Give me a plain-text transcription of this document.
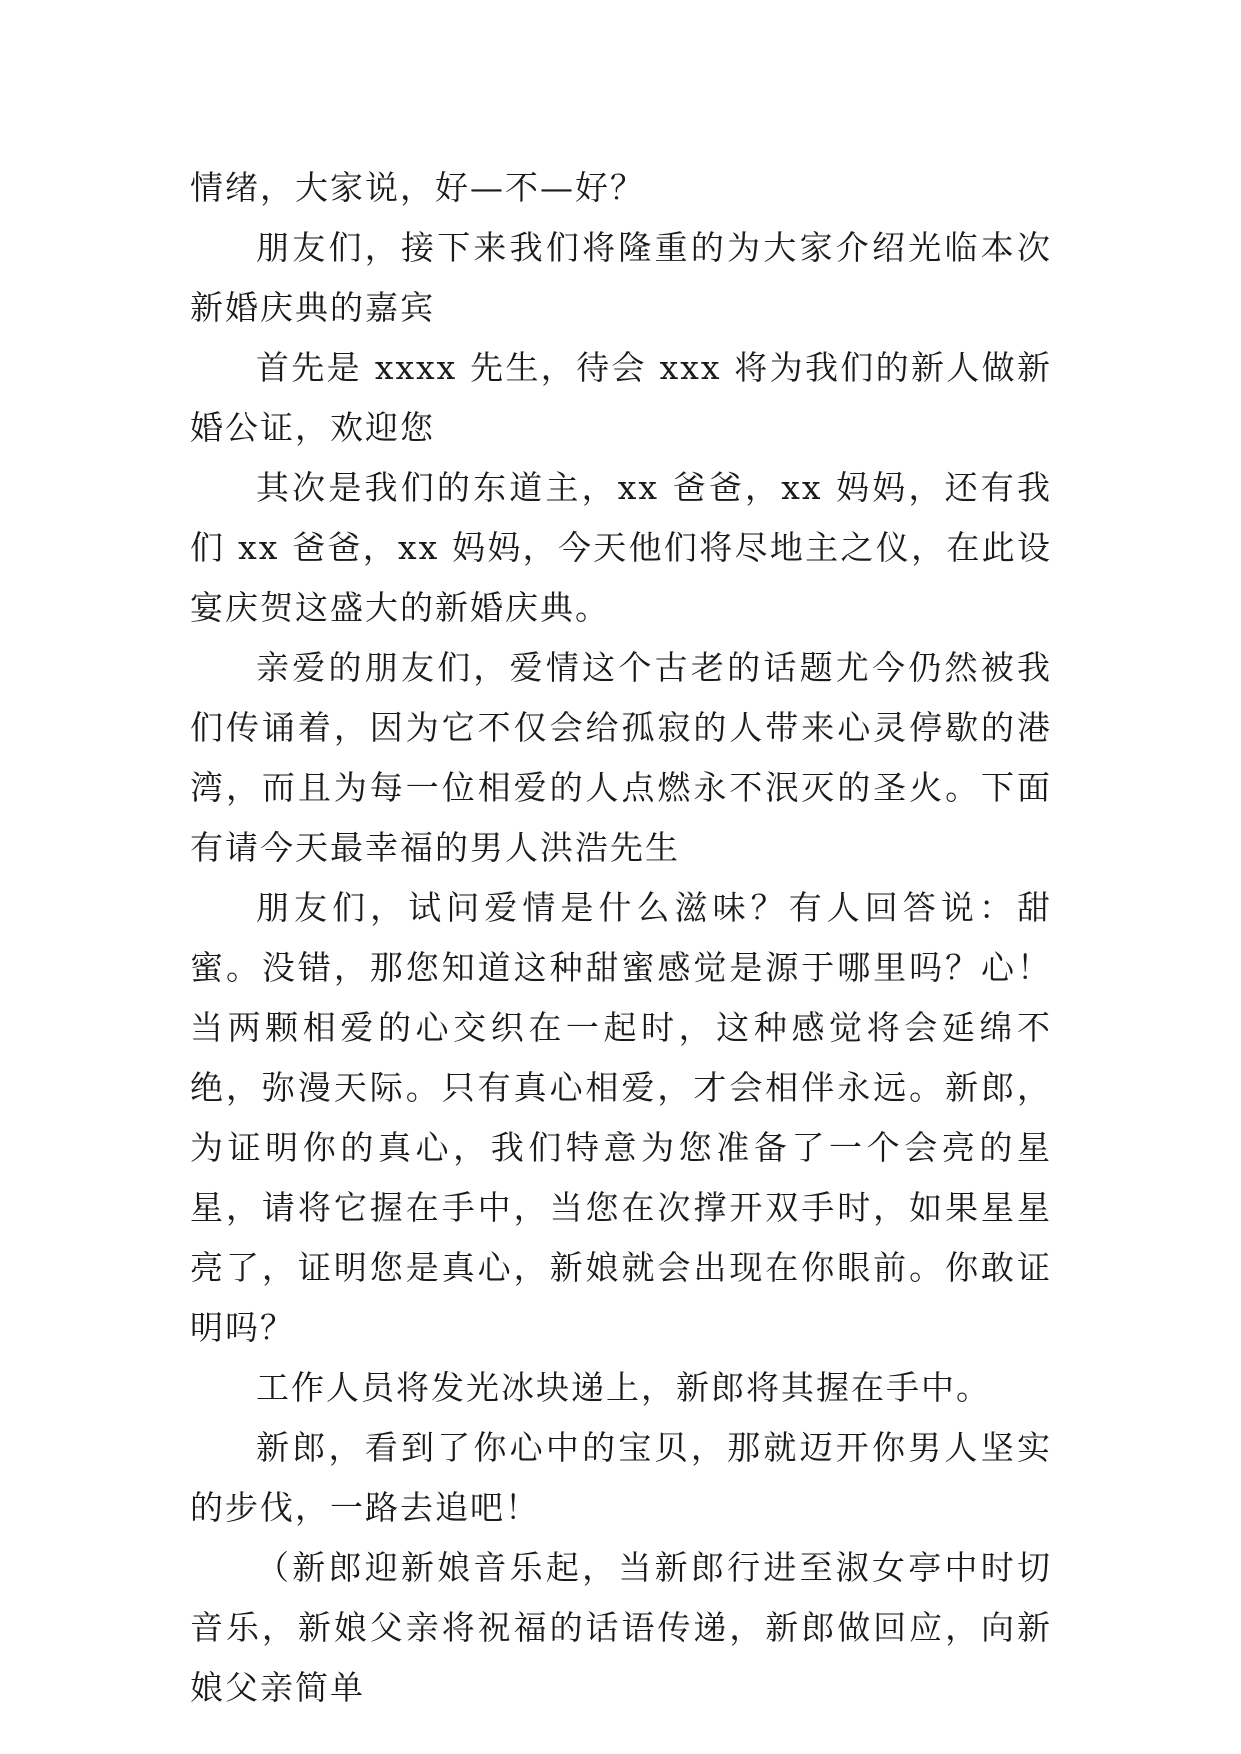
情绪，大家说，好—不—好？

朋友们，接下来我们将隆重的为大家介绍光临本次新婚庆典的嘉宾

首先是 xxxx 先生，待会 xxx 将为我们的新人做新婚公证，欢迎您

其次是我们的东道主，xx 爸爸，xx 妈妈，还有我们 xx 爸爸，xx 妈妈，今天他们将尽地主之仪，在此设宴庆贺这盛大的新婚庆典。

亲爱的朋友们，爱情这个古老的话题尤今仍然被我们传诵着，因为它不仅会给孤寂的人带来心灵停歇的港湾，而且为每一位相爱的人点燃永不泯灭的圣火。下面有请今天最幸福的男人洪浩先生

朋友们，试问爱情是什么滋味？有人回答说：甜蜜。没错，那您知道这种甜蜜感觉是源于哪里吗？心！当两颗相爱的心交织在一起时，这种感觉将会延绵不绝，弥漫天际。只有真心相爱，才会相伴永远。新郎，为证明你的真心，我们特意为您准备了一个会亮的星星，请将它握在手中，当您在次撑开双手时，如果星星亮了，证明您是真心，新娘就会出现在你眼前。你敢证明吗？

工作人员将发光冰块递上，新郎将其握在手中。

新郎，看到了你心中的宝贝，那就迈开你男人坚实的步伐，一路去追吧！

（新郎迎新娘音乐起，当新郎行进至淑女亭中时切音乐，新娘父亲将祝福的话语传递，新郎做回应，向新娘父亲简单
